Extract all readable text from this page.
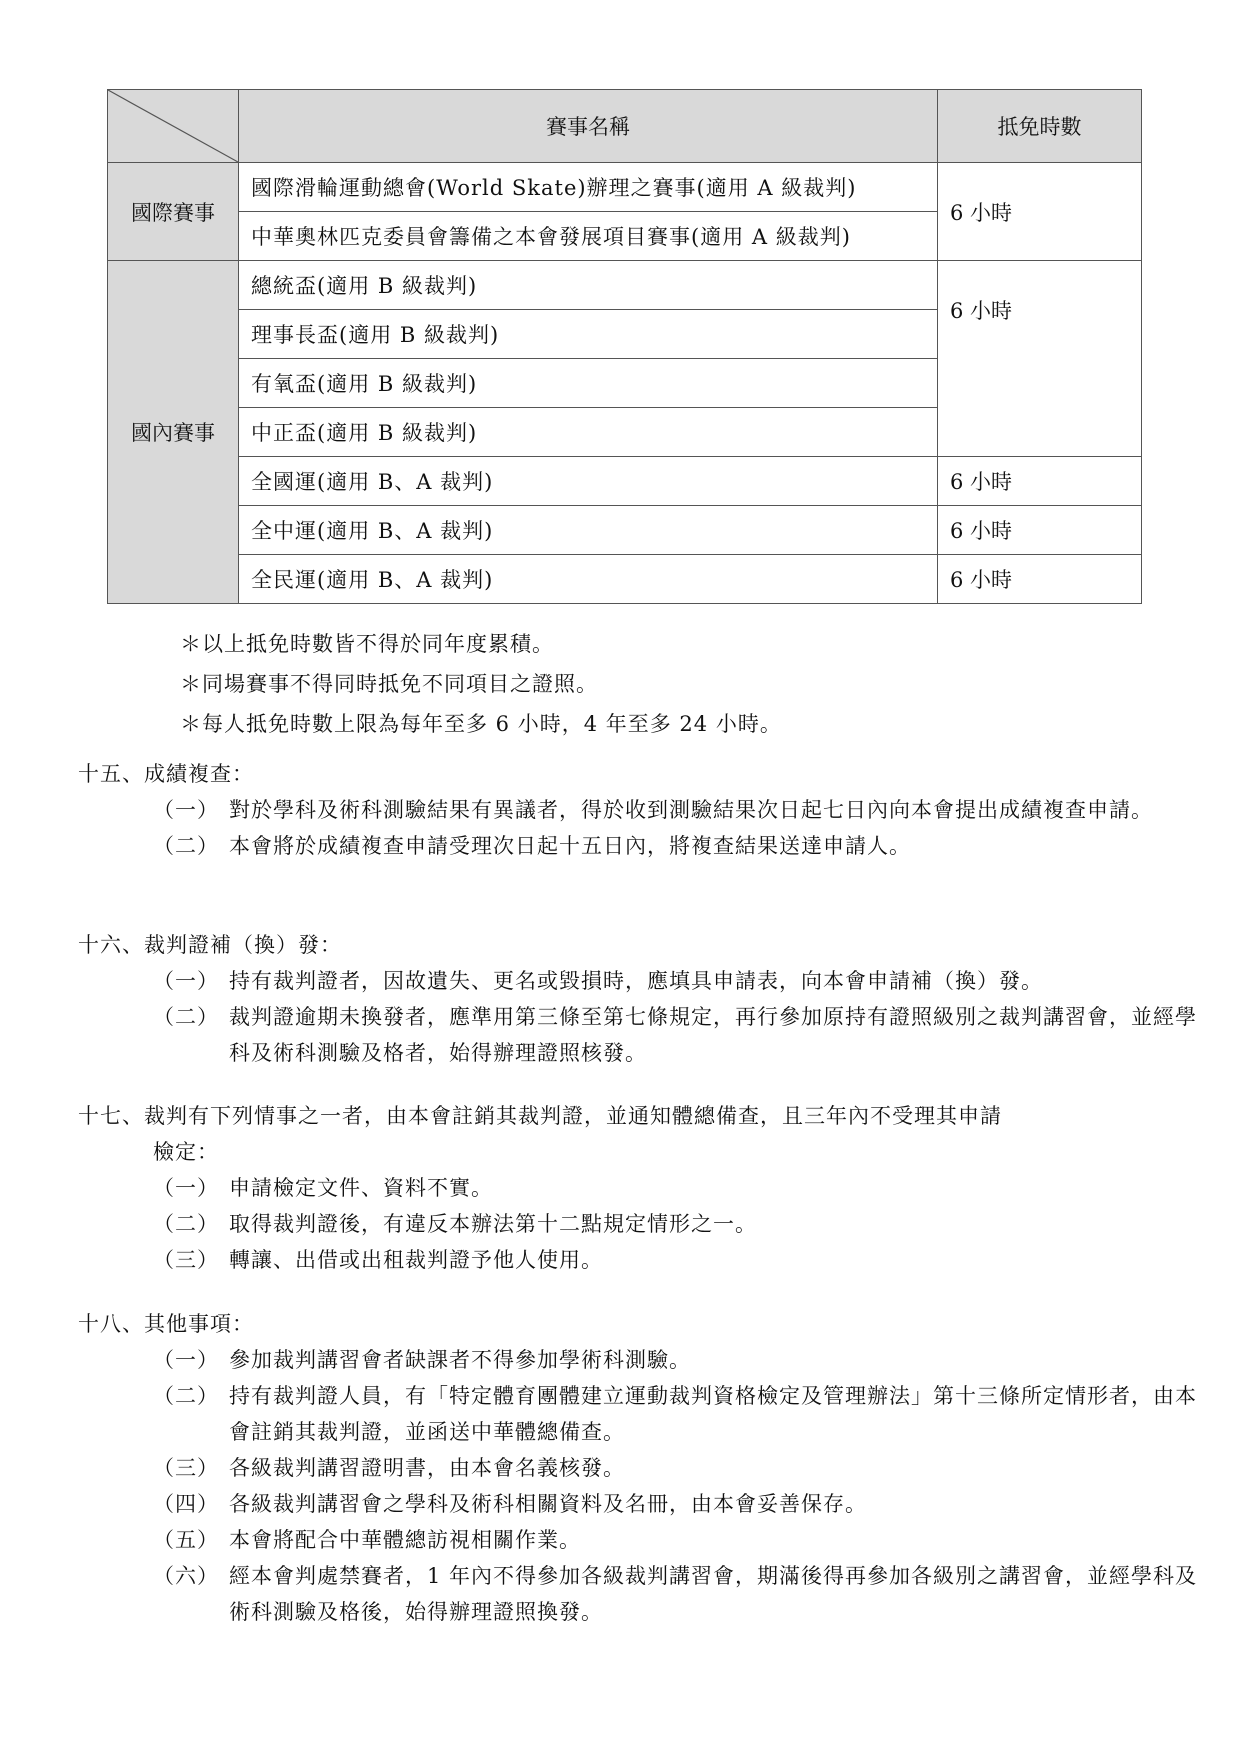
	賽事名稱	抵免時數
國際賽事	國際滑輪運動總會(World Skate)辦理之賽事(適用 A 級裁判)	6 小時
	中華奧林匹克委員會籌備之本會發展項目賽事(適用 A 級裁判)	
國內賽事	總統盃(適用 B 級裁判)	6 小時
	理事長盃(適用 B 級裁判)	
	有氧盃(適用 B 級裁判)	
	中正盃(適用 B 級裁判)	
	全國運(適用 B、A 裁判)	6 小時
	全中運(適用 B、A 裁判)	6 小時
	全民運(適用 B、A 裁判)	6 小時
＊以上抵免時數皆不得於同年度累積。
＊同場賽事不得同時抵免不同項目之證照。
＊每人抵免時數上限為每年至多 6 小時，4 年至多 24 小時。
十五、成績複查：
（一） 對於學科及術科測驗結果有異議者，得於收到測驗結果次日起七日內向本會提出成績複查申請。
（二） 本會將於成績複查申請受理次日起十五日內，將複查結果送達申請人。
十六、裁判證補（換）發：
（一） 持有裁判證者，因故遺失、更名或毀損時，應填具申請表，向本會申請補（換）發。
（二） 裁判證逾期未換發者，應準用第三條至第七條規定，再行參加原持有證照級別之裁判講習會，並經學科及術科測驗及格者，始得辦理證照核發。
十七、裁判有下列情事之一者，由本會註銷其裁判證，並通知體總備查，且三年內不受理其申請
檢定：
（一） 申請檢定文件、資料不實。
（二） 取得裁判證後，有違反本辦法第十二點規定情形之一。
（三） 轉讓、出借或出租裁判證予他人使用。
十八、其他事項：
（一） 參加裁判講習會者缺課者不得參加學術科測驗。
（二） 持有裁判證人員，有「特定體育團體建立運動裁判資格檢定及管理辦法」第十三條所定情形者，由本會註銷其裁判證，並函送中華體總備查。
（三） 各級裁判講習證明書，由本會名義核發。
（四） 各級裁判講習會之學科及術科相關資料及名冊，由本會妥善保存。
（五） 本會將配合中華體總訪視相關作業。
（六） 經本會判處禁賽者，1 年內不得參加各級裁判講習會，期滿後得再參加各級別之講習會，並經學科及術科測驗及格後，始得辦理證照換發。
